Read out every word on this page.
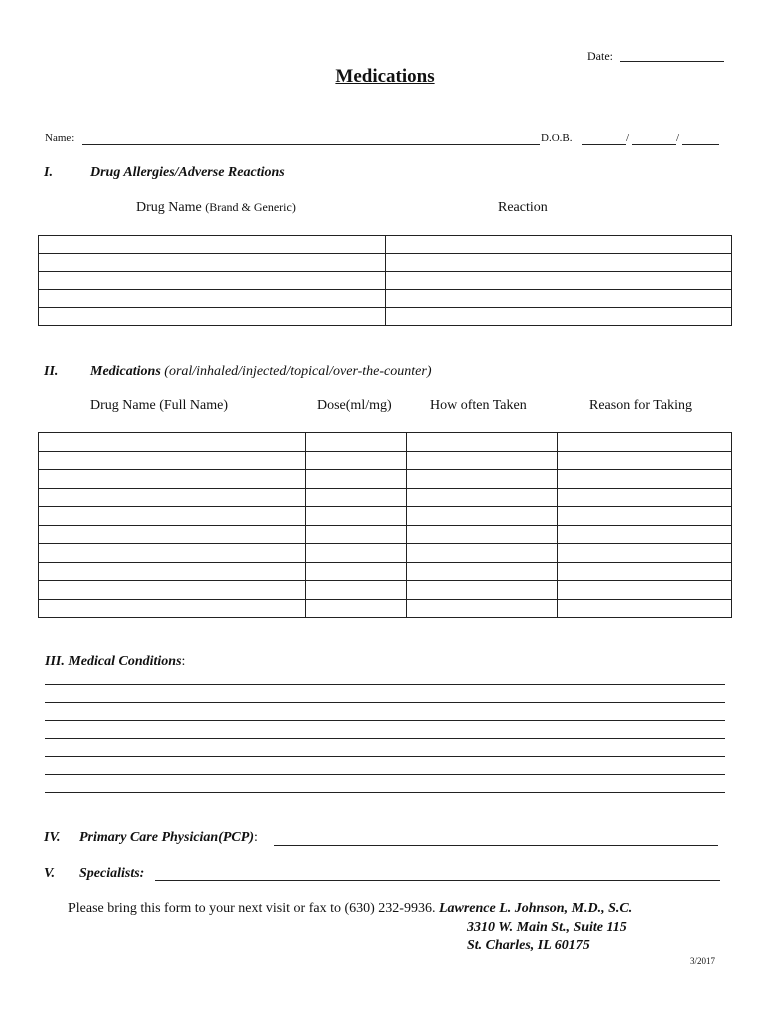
Date:
Medications
Name:	D.O.B.	/	/
I.	Drug Allergies/Adverse Reactions
Drug Name (Brand & Generic)	Reaction

II. Medications (oral/inhaled/injected/topical/over-the-counter)
Drug Name (Full Name)	Dose(ml/mg)	How often Taken	Reason for Taking

III. Medical Conditions:
IV. Primary Care Physician(PCP):
V. Specialists:
Please bring this form to your next visit or fax to (630) 232-9936. Lawrence L. Johnson, M.D., S.C.
3310 W. Main St., Suite 115
St. Charles, IL 60175
3/2017
